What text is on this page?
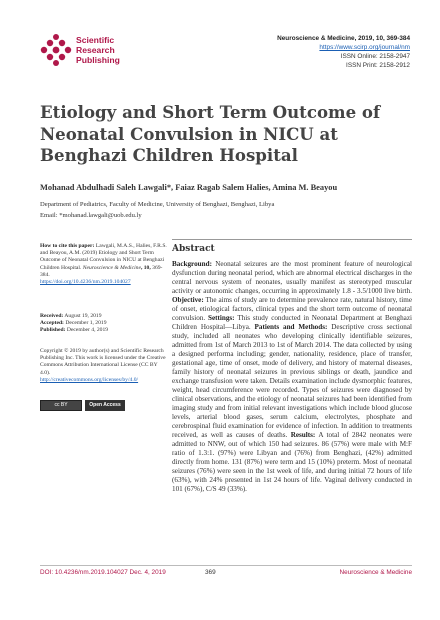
Scientific
Research
Publishing
Neuroscience & Medicine, 2019, 10, 369-384
https://www.scirp.org/journal/nm
ISSN Online: 2158-2947
ISSN Print: 2158-2912
Etiology and Short Term Outcome of Neonatal Convulsion in NICU at Benghazi Children Hospital
Mohanad Abdulhadi Saleh Lawgali*, Faiaz Ragab Salem Halies, Amina M. Beayou
Department of Pediatrics, Faculty of Medicine, University of Benghazi, Benghazi, Libya
Email: *mohanad.lawgali@uob.edu.ly
How to cite this paper: Lawgali, M.A.S., Halies, F.R.S. and Beayou, A.M. (2019) Etiology and Short Term Outcome of Neonatal Convulsion in NICU at Benghazi Children Hospital. Neuroscience & Medicine, 10, 369-384.
https://doi.org/10.4236/nm.2019.104027
Received: August 19, 2019
Accepted: December 1, 2019
Published: December 4, 2019
Copyright © 2019 by author(s) and Scientific Research Publishing Inc. This work is licensed under the Creative Commons Attribution International License (CC BY 4.0).
http://creativecommons.org/licenses/by/4.0/
cc BY	Open Access
Abstract
Background: Neonatal seizures are the most prominent feature of neurological dysfunction during neonatal period, which are abnormal electrical discharges in the central nervous system of neonates, usually manifest as stereotyped muscular activity or autonomic changes, occurring in approximately 1.8 - 3.5/1000 live birth. Objective: The aims of study are to determine prevalence rate, natural history, time of onset, etiological factors, clinical types and the short term outcome of neonatal convulsion. Settings: This study conducted in Neonatal Department at Benghazi Children Hospital—Libya. Patients and Methods: Descriptive cross sectional study, included all neonates who developing clinically identifiable seizures, admitted from 1st of March 2013 to 1st of March 2014. The data collected by using a designed performa including; gender, nationality, residence, place of transfer, gestational age, time of onset, mode of delivery, and history of maternal diseases, family history of neonatal seizures in previous siblings or death, jaundice and exchange transfusion were taken. Details examination include dysmorphic features, weight, head circumference were recorded. Types of seizures were diagnosed by clinical observations, and the etiology of neonatal seizures had been identified from imaging study and from initial relevant investigations which include blood glucose levels, arterial blood gases, serum calcium, electrolytes, phosphate and cerebrospinal fluid examination for evidence of infection. In addition to treatments received, as well as causes of deaths. Results: A total of 2842 neonates were admitted to NNW, out of which 150 had seizures. 86 (57%) were male with M:F ratio of 1.3:1. (97%) were Libyan and (76%) from Benghazi, (42%) admitted directly from home. 131 (87%) were term and 15 (10%) preterm. Most of neonatal seizures (76%) were seen in the 1st week of life, and during initial 72 hours of life (63%), with 24% presented in 1st 24 hours of life. Vaginal delivery conducted in 101 (67%), C/S 49 (33%).
DOI: 10.4236/nm.2019.104027 Dec. 4, 2019	369	Neuroscience & Medicine
